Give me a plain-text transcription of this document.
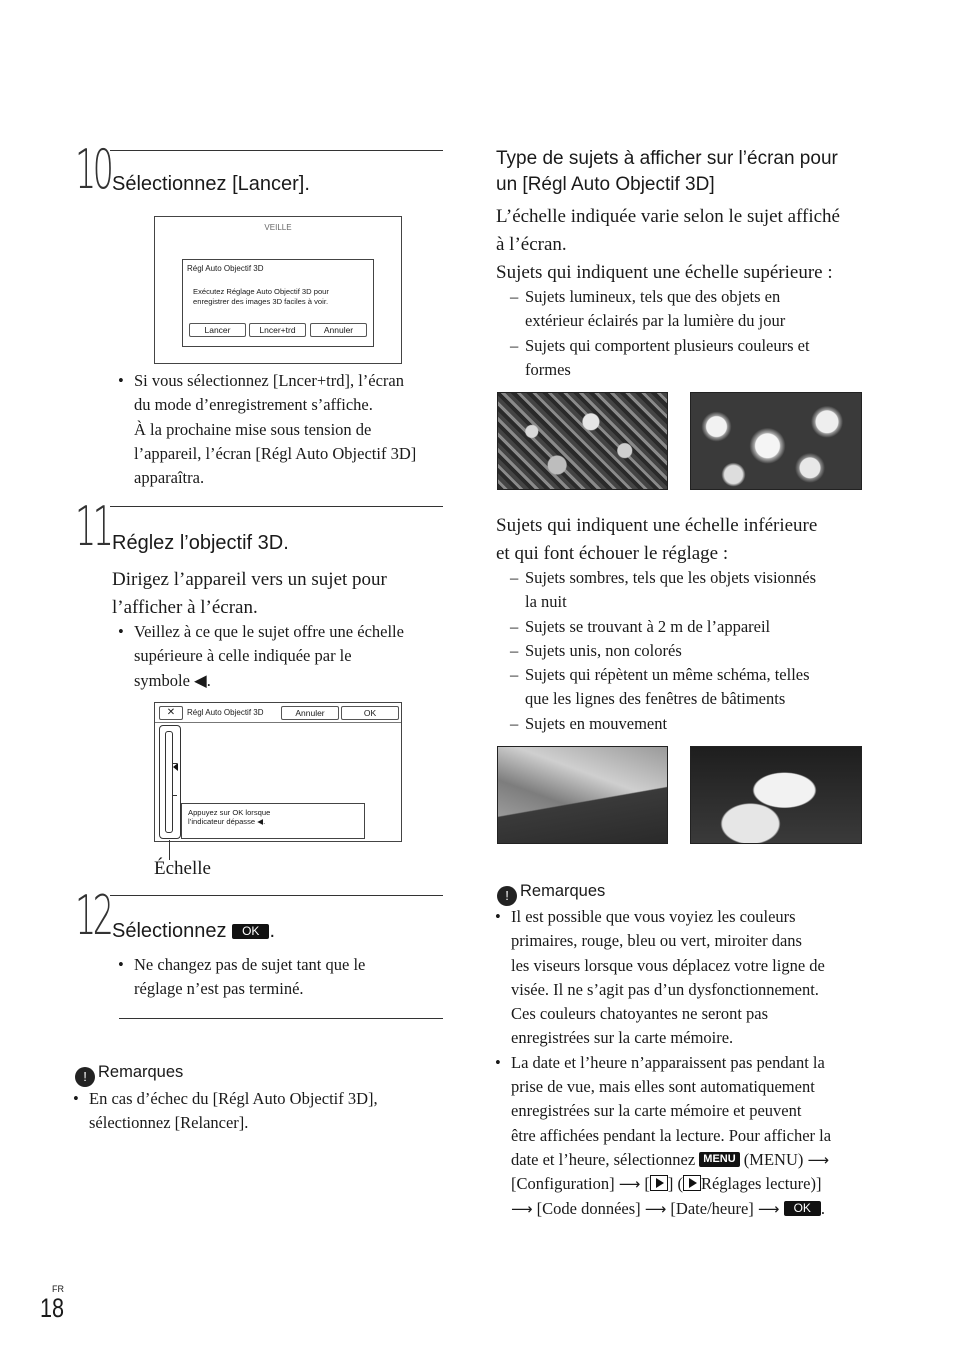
10 Sélectionnez [Lancer].
VEILLE
Régl Auto Objectif 3D
Exécutez Réglage Auto Objectif 3D pour
enregistrer des images 3D faciles à voir.
Lancer	Lncer+trd	Annuler
• Si vous sélectionnez [Lncer+trd], l’écran
du mode d’enregistrement s’affiche.
À la prochaine mise sous tension de
l’appareil, l’écran [Régl Auto Objectif 3D]
apparaîtra.
11 Réglez l’objectif 3D.
Dirigez l’appareil vers un sujet pour
l’afficher à l’écran.
• Veillez à ce que le sujet offre une échelle
supérieure à celle indiquée par le
symbole ◀.
✕	Régl Auto Objectif 3D	Annuler	OK
Appuyez sur OK lorsque
l’indicateur dépasse ◀.
Échelle
12 Sélectionnez OK .
• Ne changez pas de sujet tant que le
réglage n’est pas terminé.
! Remarques
• En cas d’échec du [Régl Auto Objectif 3D],
sélectionnez [Relancer].
Type de sujets à afficher sur l’écran pour
un [Régl Auto Objectif 3D]
L’échelle indiquée varie selon le sujet affiché
à l’écran.
Sujets qui indiquent une échelle supérieure :
– Sujets lumineux, tels que des objets en
extérieur éclairés par la lumière du jour
– Sujets qui comportent plusieurs couleurs et
formes
Sujets qui indiquent une échelle inférieure
et qui font échouer le réglage :
– Sujets sombres, tels que les objets visionnés
la nuit
– Sujets se trouvant à 2 m de l’appareil
– Sujets unis, non colorés
– Sujets qui répètent un même schéma, telles
que les lignes des fenêtres de bâtiments
– Sujets en mouvement
! Remarques
• Il est possible que vous voyiez les couleurs
primaires, rouge, bleu ou vert, miroiter dans
les viseurs lorsque vous déplacez votre ligne de
visée. Il ne s’agit pas d’un dysfonctionnement.
Ces couleurs chatoyantes ne seront pas
enregistrées sur la carte mémoire.
• La date et l’heure n’apparaissent pas pendant la
prise de vue, mais elles sont automatiquement
enregistrées sur la carte mémoire et peuvent
être affichées pendant la lecture. Pour afficher la
date et l’heure, sélectionnez MENU (MENU) ⟶
[Configuration] ⟶ [ ] ( Réglages lecture)]
⟶ [Code données] ⟶ [Date/heure] ⟶ OK .
FR
18
